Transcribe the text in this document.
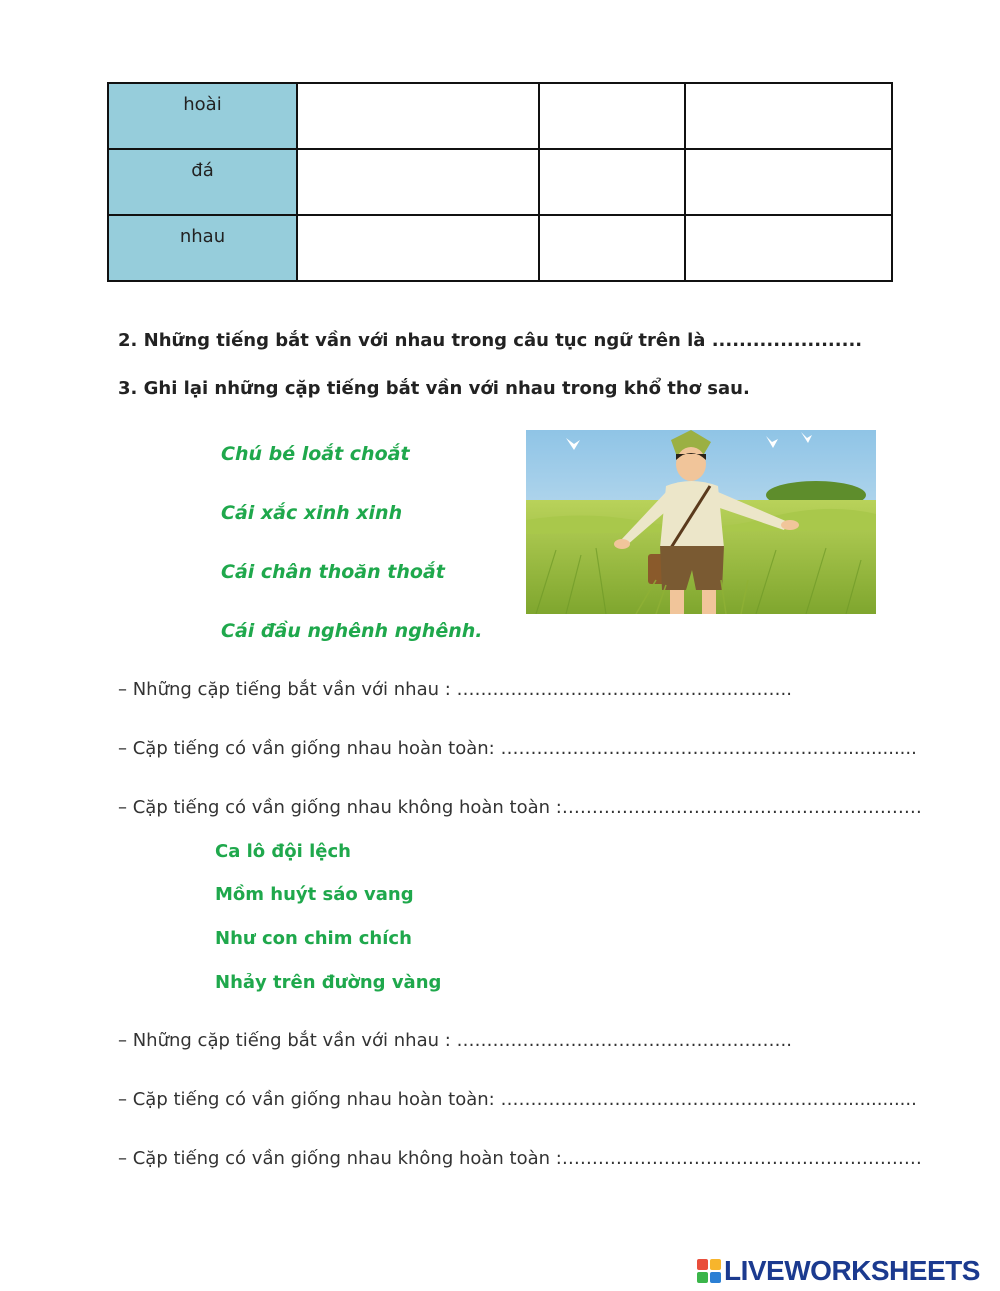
hoài			
đá			
nhau			
2. Những tiếng bắt vần với nhau trong câu tục ngữ trên là ......................
3. Ghi lại những cặp tiếng bắt vần với nhau trong khổ thơ sau.
Chú bé loắt choắt
Cái xắc xinh xinh
Cái chân thoăn thoắt
Cái đầu nghênh nghênh.
– Những cặp tiếng bắt vần với nhau : ………………………………………………..
– Cặp tiếng có vần giống nhau hoàn toàn: ………………………………………………….............
– Cặp tiếng có vần giống nhau không hoàn toàn :……………………………………………………
Ca lô đội lệch
Mồm huýt sáo vang
Như con chim chích
Nhảy trên đường vàng
– Những cặp tiếng bắt vần với nhau : ………………………………………………..
– Cặp tiếng có vần giống nhau hoàn toàn: ………………………………………………….............
– Cặp tiếng có vần giống nhau không hoàn toàn :……………………………………………………
LIVEWORKSHEETS
